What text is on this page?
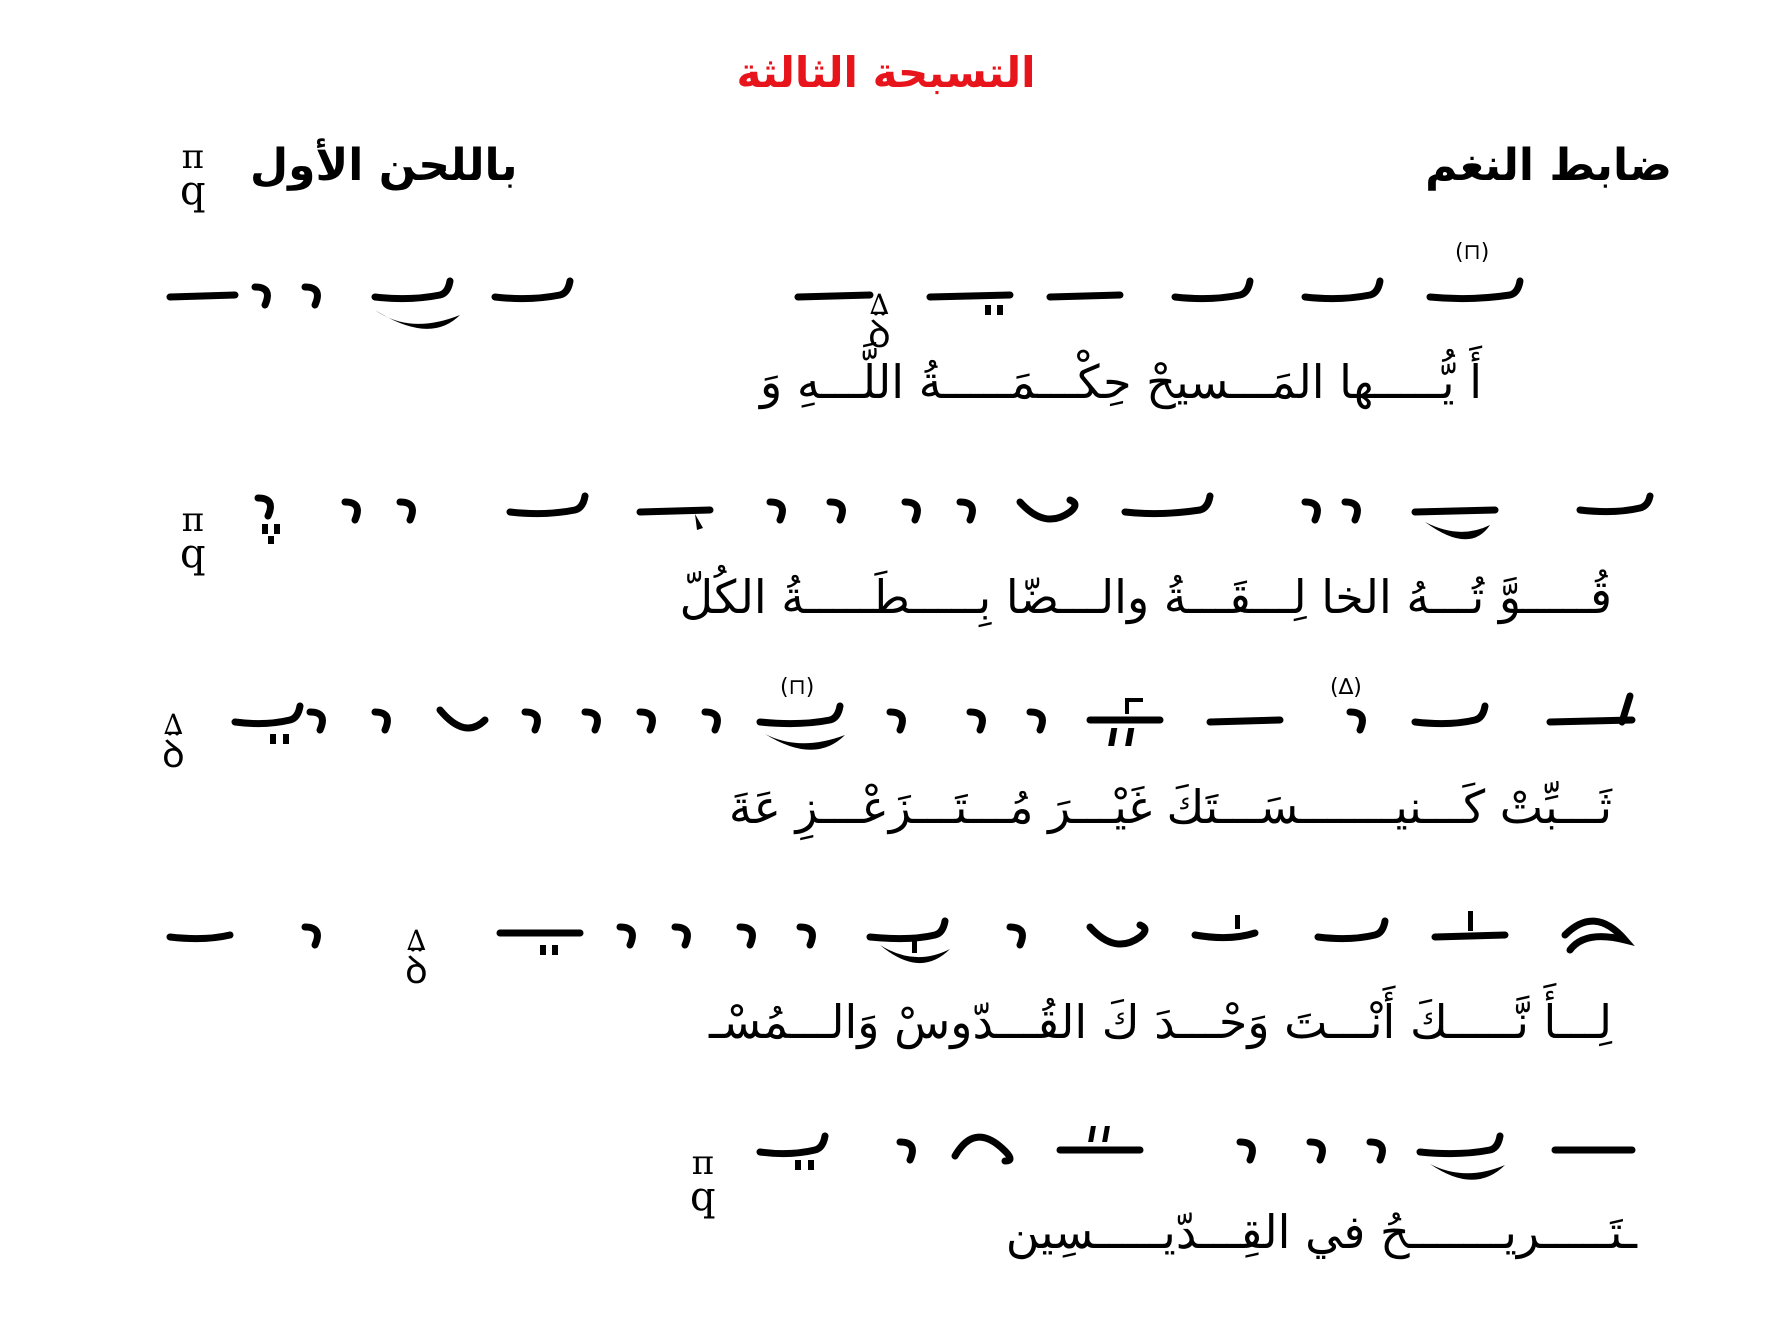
التسبحة الثالثة
ضابط النغم
باللحن الأول
π
q
(⊓)
∆
ꝺ̈
أَ يُّـــــها المَـــسيحْ حِكْـــمَـــــةُ اللَّـــهِ وَ
π
q
قُـــــوَّ تُـــهُ الخا لِـــقَـــةُ والـــضّا بِـــــطَـــــةُ الكُلّ
(∆)
(⊓)
∆
ꝺ̈
ثَـــبِّتْ كَـــنيـــــــسَـــتَكَ غَيْـــرَ مُـــتَـــزَعْـــزِ عَةَ
∆
ꝺ̈
لِـــأَ نَّـــــكَ أَنْـــتَ وَحْـــدَ كَ القُـــدّوسْ وَالـــمُسْـ
π
q
ـتَـــــريـــــــحُ في القِـــدّيـــــسِين
